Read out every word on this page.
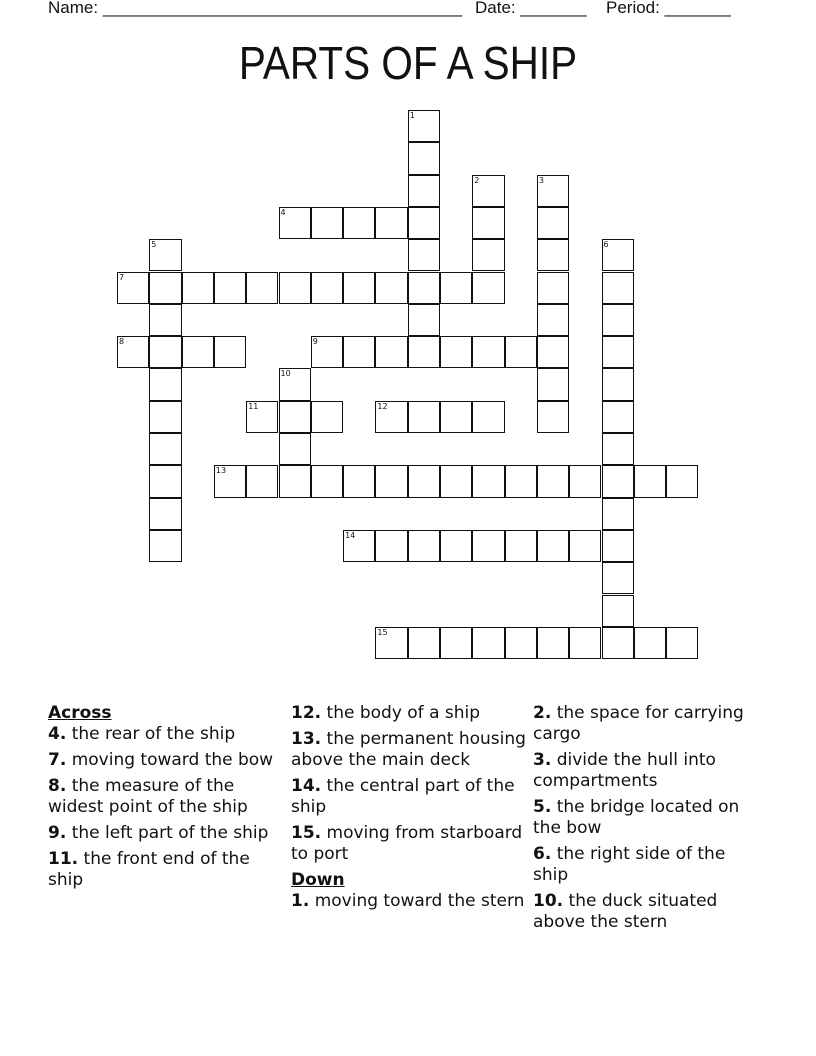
Name: ______________________________________ Date: _______ Period: _______
PARTS OF A SHIP
1
2	3
4
5	6
7
8	9
10
11	12
13
14
15
Across
4. the rear of the ship
7. moving toward the bow
8. the measure of the widest point of the ship
9. the left part of the ship
11. the front end of the ship
12. the body of a ship
13. the permanent housing above the main deck
14. the central part of the ship
15. moving from starboard to port
Down
1. moving toward the stern
2. the space for carrying cargo
3. divide the hull into compartments
5. the bridge located on the bow
6. the right side of the ship
10. the duck situated above the stern
